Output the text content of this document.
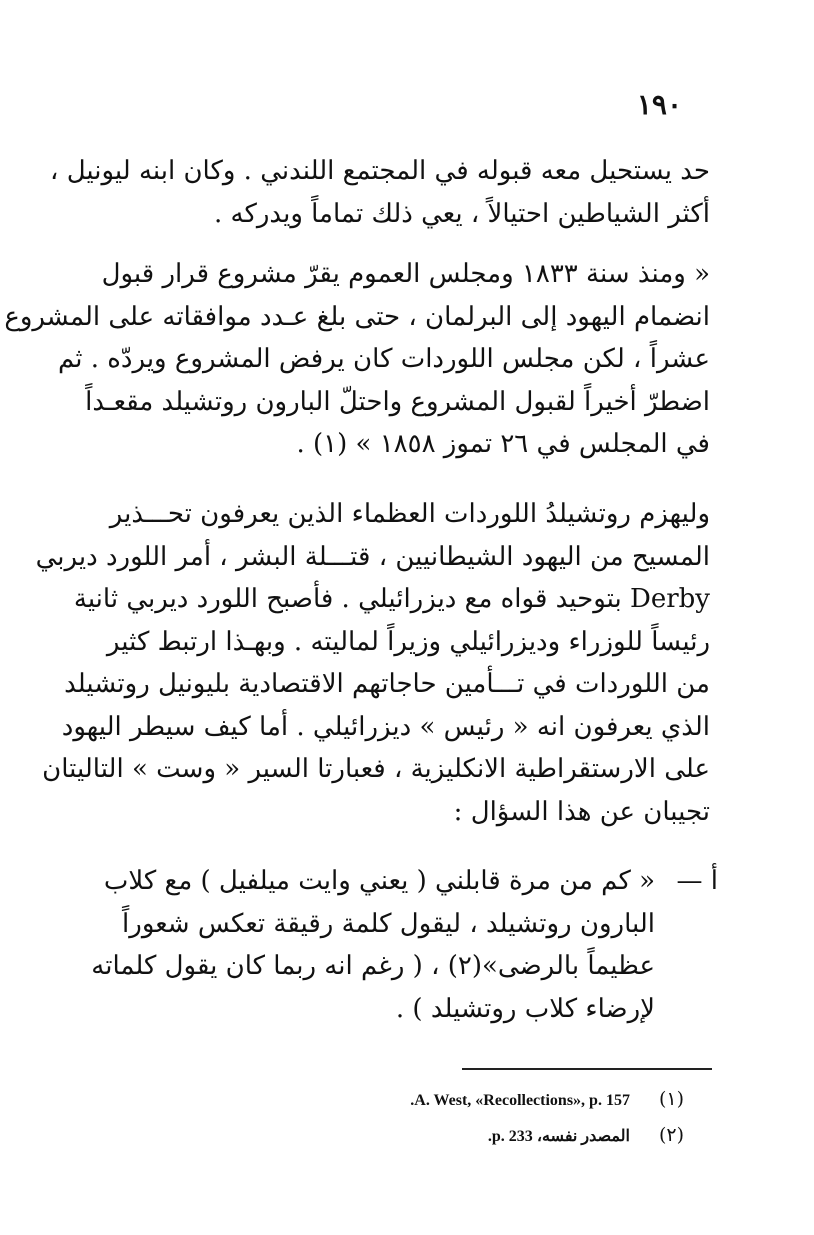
١٩٠
حد يستحيل معه قبوله في المجتمع اللندني . وكان ابنه ليونيل ،
أكثر الشياطين احتيالاً ، يعي ذلك تماماً ويدركه .
« ومنذ سنة ١٨٣٣ ومجلس العموم يقرّ مشروع قرار قبول
انضمام اليهود إلى البرلمان ، حتى بلغ عـدد موافقاته على المشروع
عشراً ، لكن مجلس اللوردات كان يرفض المشروع ويردّه . ثم
اضطرّ أخيراً لقبول المشروع واحتلّ البارون روتشيلد مقعـداً
في المجلس في ٢٦ تموز ١٨٥٨ » (١) .
وليهزم روتشيلدُ اللوردات العظماء الذين يعرفون تحـــذير
المسيح من اليهود الشيطانيين ، قتـــلة البشر ، أمر اللورد ديربي
Derby بتوحيد قواه مع ديزرائيلي . فأصبح اللورد ديربي ثانية
رئيساً للوزراء وديزرائيلي وزيراً لماليته . وبهـذا ارتبط كثير
من اللوردات في تـــأمين حاجاتهم الاقتصادية بليونيل روتشيلد
الذي يعرفون انه « رئيس » ديزرائيلي . أما كيف سيطر اليهود
على الارستقراطية الانكليزية ، فعبارتا السير « وست » التاليتان
تجيبان عن هذا السؤال :
أ —
« كم من مرة قابلني ( يعني وايت ميلفيل ) مع كلاب
البارون روتشيلد ، ليقول كلمة رقيقة تعكس شعوراً
عظيماً بالرضى»(٢) ، ( رغم انه ربما كان يقول كلماته
لإرضاء كلاب روتشيلد ) .
(١) A. West, «Recollections», p. 157.
(٢) المصدر نفسه، p. 233.
